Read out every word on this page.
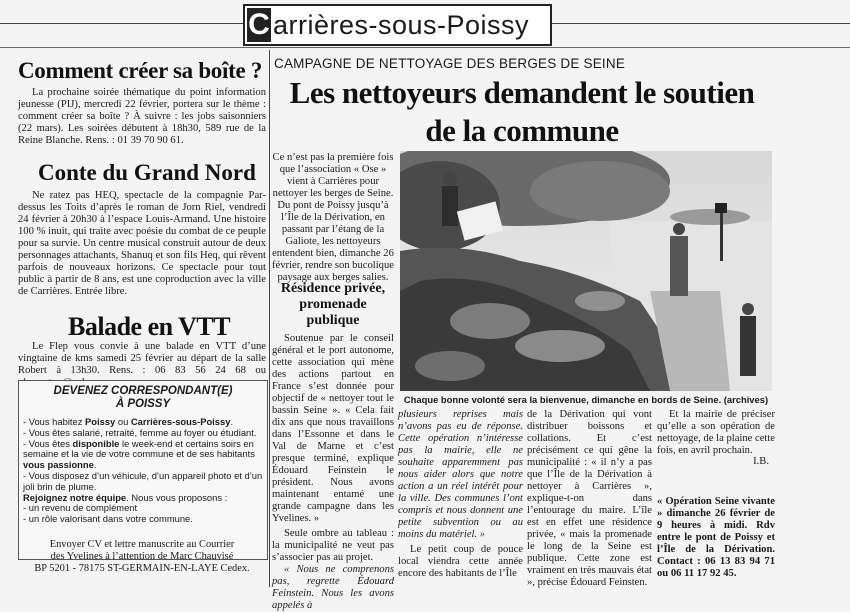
C arrières-sous-Poissy
Comment créer sa boîte ?

La prochaine soirée thématique du point information jeunesse (PIJ), mercredi 22 février, portera sur le thème : comment créer sa boîte ? À suivre : les jobs saisonniers (22 mars). Les soirées débutent à 18h30, 589 rue de la Reine Blanche. Rens. : 01 39 70 90 61.

Conte du Grand Nord

Ne ratez pas HEQ, spectacle de la compagnie Par-dessus les Toits d’après le roman de Jorn Riel, vendredi 24 février à 20h30 à l’espace Louis-Armand. Une histoire 100 % inuit, qui traite avec poésie du combat de ce peuple pour sa survie. Un centre musical construit autour de deux personnages attachants, Shanuq et son fils Heq, qui rêvent parfois de nouveaux horizons. Ce spectacle pour tout public à partir de 8 ans, est une coproduction avec la ville de Carrières. Entrée libre.

Balade en VTT

Le Flep vous convie à une balade en VTT d’une vingtaine de kms samedi 25 février au départ de la salle Robert à 13h30. Rens. : 06 83 56 24 68 ou

DEVENEZ CORRESPONDANT(E)
À POISSY
- Vous habitez Poissy ou Carrières-sous-Poissy.
- Vous êtes salarié, retraité, femme au foyer ou étudiant.
- Vous êtes disponible le week-end et certains soirs en semaine et la vie de votre commune et de ses habitants vous passionne.
- Vous disposez d’un véhicule, d’un appareil photo et d’un joli brin de plume.
Rejoignez notre équipe. Nous vous proposons :
- un revenu de complément
- un rôle valorisant dans votre commune.
Envoyer CV et lettre manuscrite au Courrier
des Yvelines à l’attention de Marc Chauvisé
BP 5201 - 78175 ST-GERMAIN-EN-LAYE Cedex.
CAMPAGNE DE NETTOYAGE DES BERGES DE SEINE
Les nettoyeurs demandent le soutien
de la commune

Ce n’est pas la première fois que l’association « Ose » vient à Carrières pour nettoyer les berges de Seine. Du pont de Poissy jusqu’à l’Île de la Dérivation, en passant par l’étang de la Galiote, les nettoyeurs entendent bien, dimanche 26 février, rendre son bucolique paysage aux berges salies.

Résidence privée,
promenade
publique

Soutenue par le conseil général et le port autonome, cette association qui mène des actions partout en France s’est donnée pour objectif de « nettoyer tout le bassin Seine ». « Cela fait dix ans que nous travaillons dans l’Essonne et dans le Val de Marne et c’est presque terminé, explique Édouard Feinstein le président. Nous avons maintenant entamé une grande campagne dans les Yvelines. »

Seule ombre au tableau : la municipalité ne veut pas s’associer pas au projet.

« Nous ne comprenons pas, regrette Édouard Feinstein. Nous les avons appelés à

Chaque bonne volonté sera la bienvenue, dimanche en bords de Seine. (archives)

plusieurs reprises mais n’avons pas eu de réponse. Cette opération n’intéresse pas la mairie, elle ne souhaite apparemment pas nous aider alors que notre action a un réel intérêt pour la ville. Des communes l’ont compris et nous donnent une petite subvention ou au moins du matériel. »

Le petit coup de pouce local viendra cette année encore des habitants de l’Île

de la Dérivation qui vont distribuer boissons et collations. Et c’est précisément ce qui gêne la municipalité : « il n’y a pas que l’Île de la Dérivation à nettoyer à Carrières », explique-t-on dans l’entourage du maire. L’île est en effet une résidence privée, « mais la promenade le long de la Seine est publique. Cette zone est vraiment en très mauvais état », précise Édouard Feinsten.

Et la mairie de préciser qu’elle a son opération de nettoyage, de la plaine cette fois, en avril prochain.

I.B.

« Opération Seine vivante » dimanche 26 février de 9 heures à midi. Rdv entre le pont de Poissy et l’Île de la Dérivation. Contact : 06 13 83 94 71 ou 06 11 17 92 45.
